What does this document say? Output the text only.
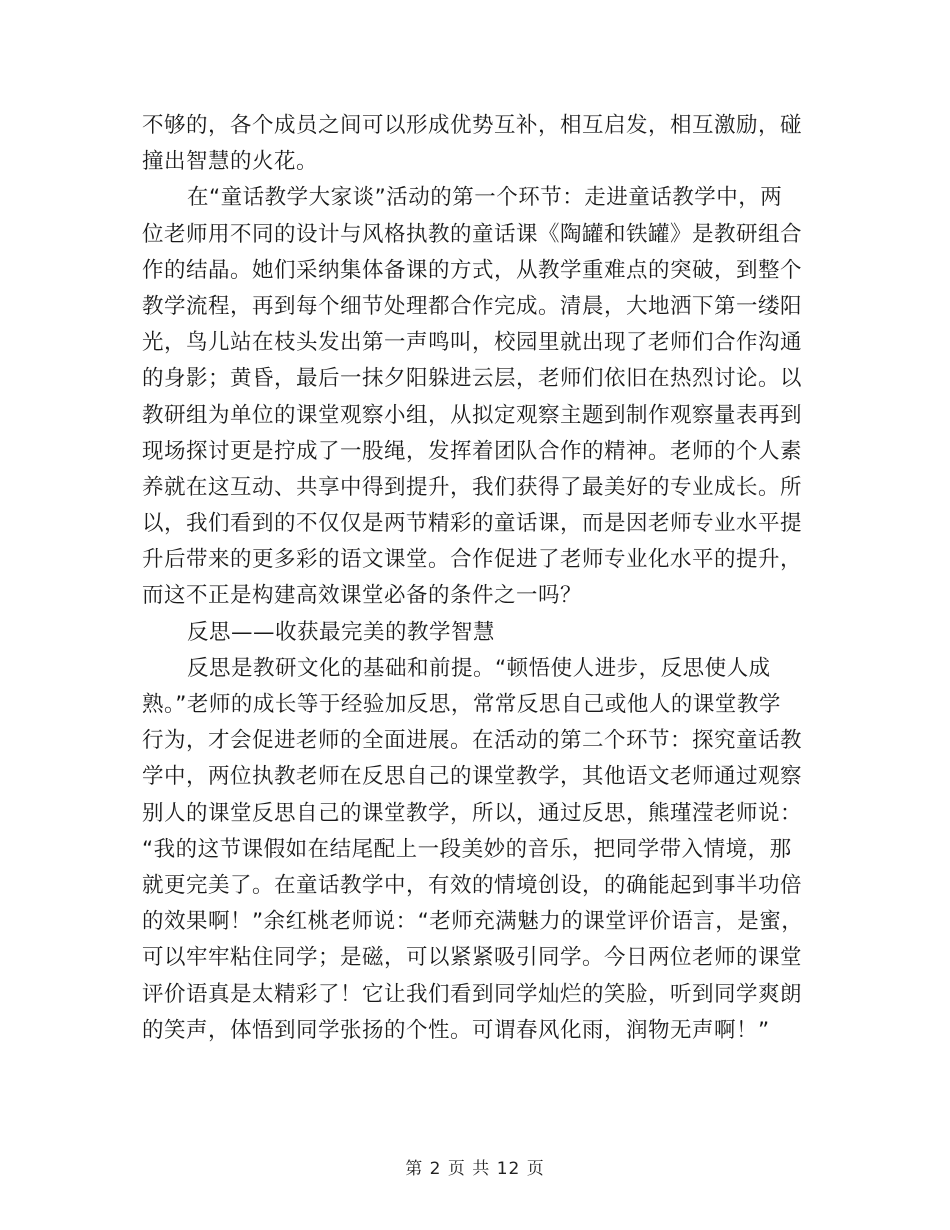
不够的，各个成员之间可以形成优势互补，相互启发，相互激励，碰
撞出智慧的火花。
在“童话教学大家谈”活动的第一个环节：走进童话教学中，两
位老师用不同的设计与风格执教的童话课《陶罐和铁罐》是教研组合
作的结晶。她们采纳集体备课的方式，从教学重难点的突破，到整个
教学流程，再到每个细节处理都合作完成。清晨，大地洒下第一缕阳
光，鸟儿站在枝头发出第一声鸣叫，校园里就出现了老师们合作沟通
的身影；黄昏，最后一抹夕阳躲进云层，老师们依旧在热烈讨论。以
教研组为单位的课堂观察小组，从拟定观察主题到制作观察量表再到
现场探讨更是拧成了一股绳，发挥着团队合作的精神。老师的个人素
养就在这互动、共享中得到提升，我们获得了最美好的专业成长。所
以，我们看到的不仅仅是两节精彩的童话课，而是因老师专业水平提
升后带来的更多彩的语文课堂。合作促进了老师专业化水平的提升，
而这不正是构建高效课堂必备的条件之一吗？
反思——收获最完美的教学智慧
反思是教研文化的基础和前提。“顿悟使人进步，反思使人成
熟。”老师的成长等于经验加反思，常常反思自己或他人的课堂教学
行为，才会促进老师的全面进展。在活动的第二个环节：探究童话教
学中，两位执教老师在反思自己的课堂教学，其他语文老师通过观察
别人的课堂反思自己的课堂教学，所以，通过反思，熊瑾滢老师说：
“我的这节课假如在结尾配上一段美妙的音乐，把同学带入情境，那
就更完美了。在童话教学中，有效的情境创设，的确能起到事半功倍
的效果啊！”余红桃老师说：“老师充满魅力的课堂评价语言，是蜜，
可以牢牢粘住同学；是磁，可以紧紧吸引同学。今日两位老师的课堂
评价语真是太精彩了！它让我们看到同学灿烂的笑脸，听到同学爽朗
的笑声，体悟到同学张扬的个性。可谓春风化雨，润物无声啊！”
第 2 页 共 12 页
